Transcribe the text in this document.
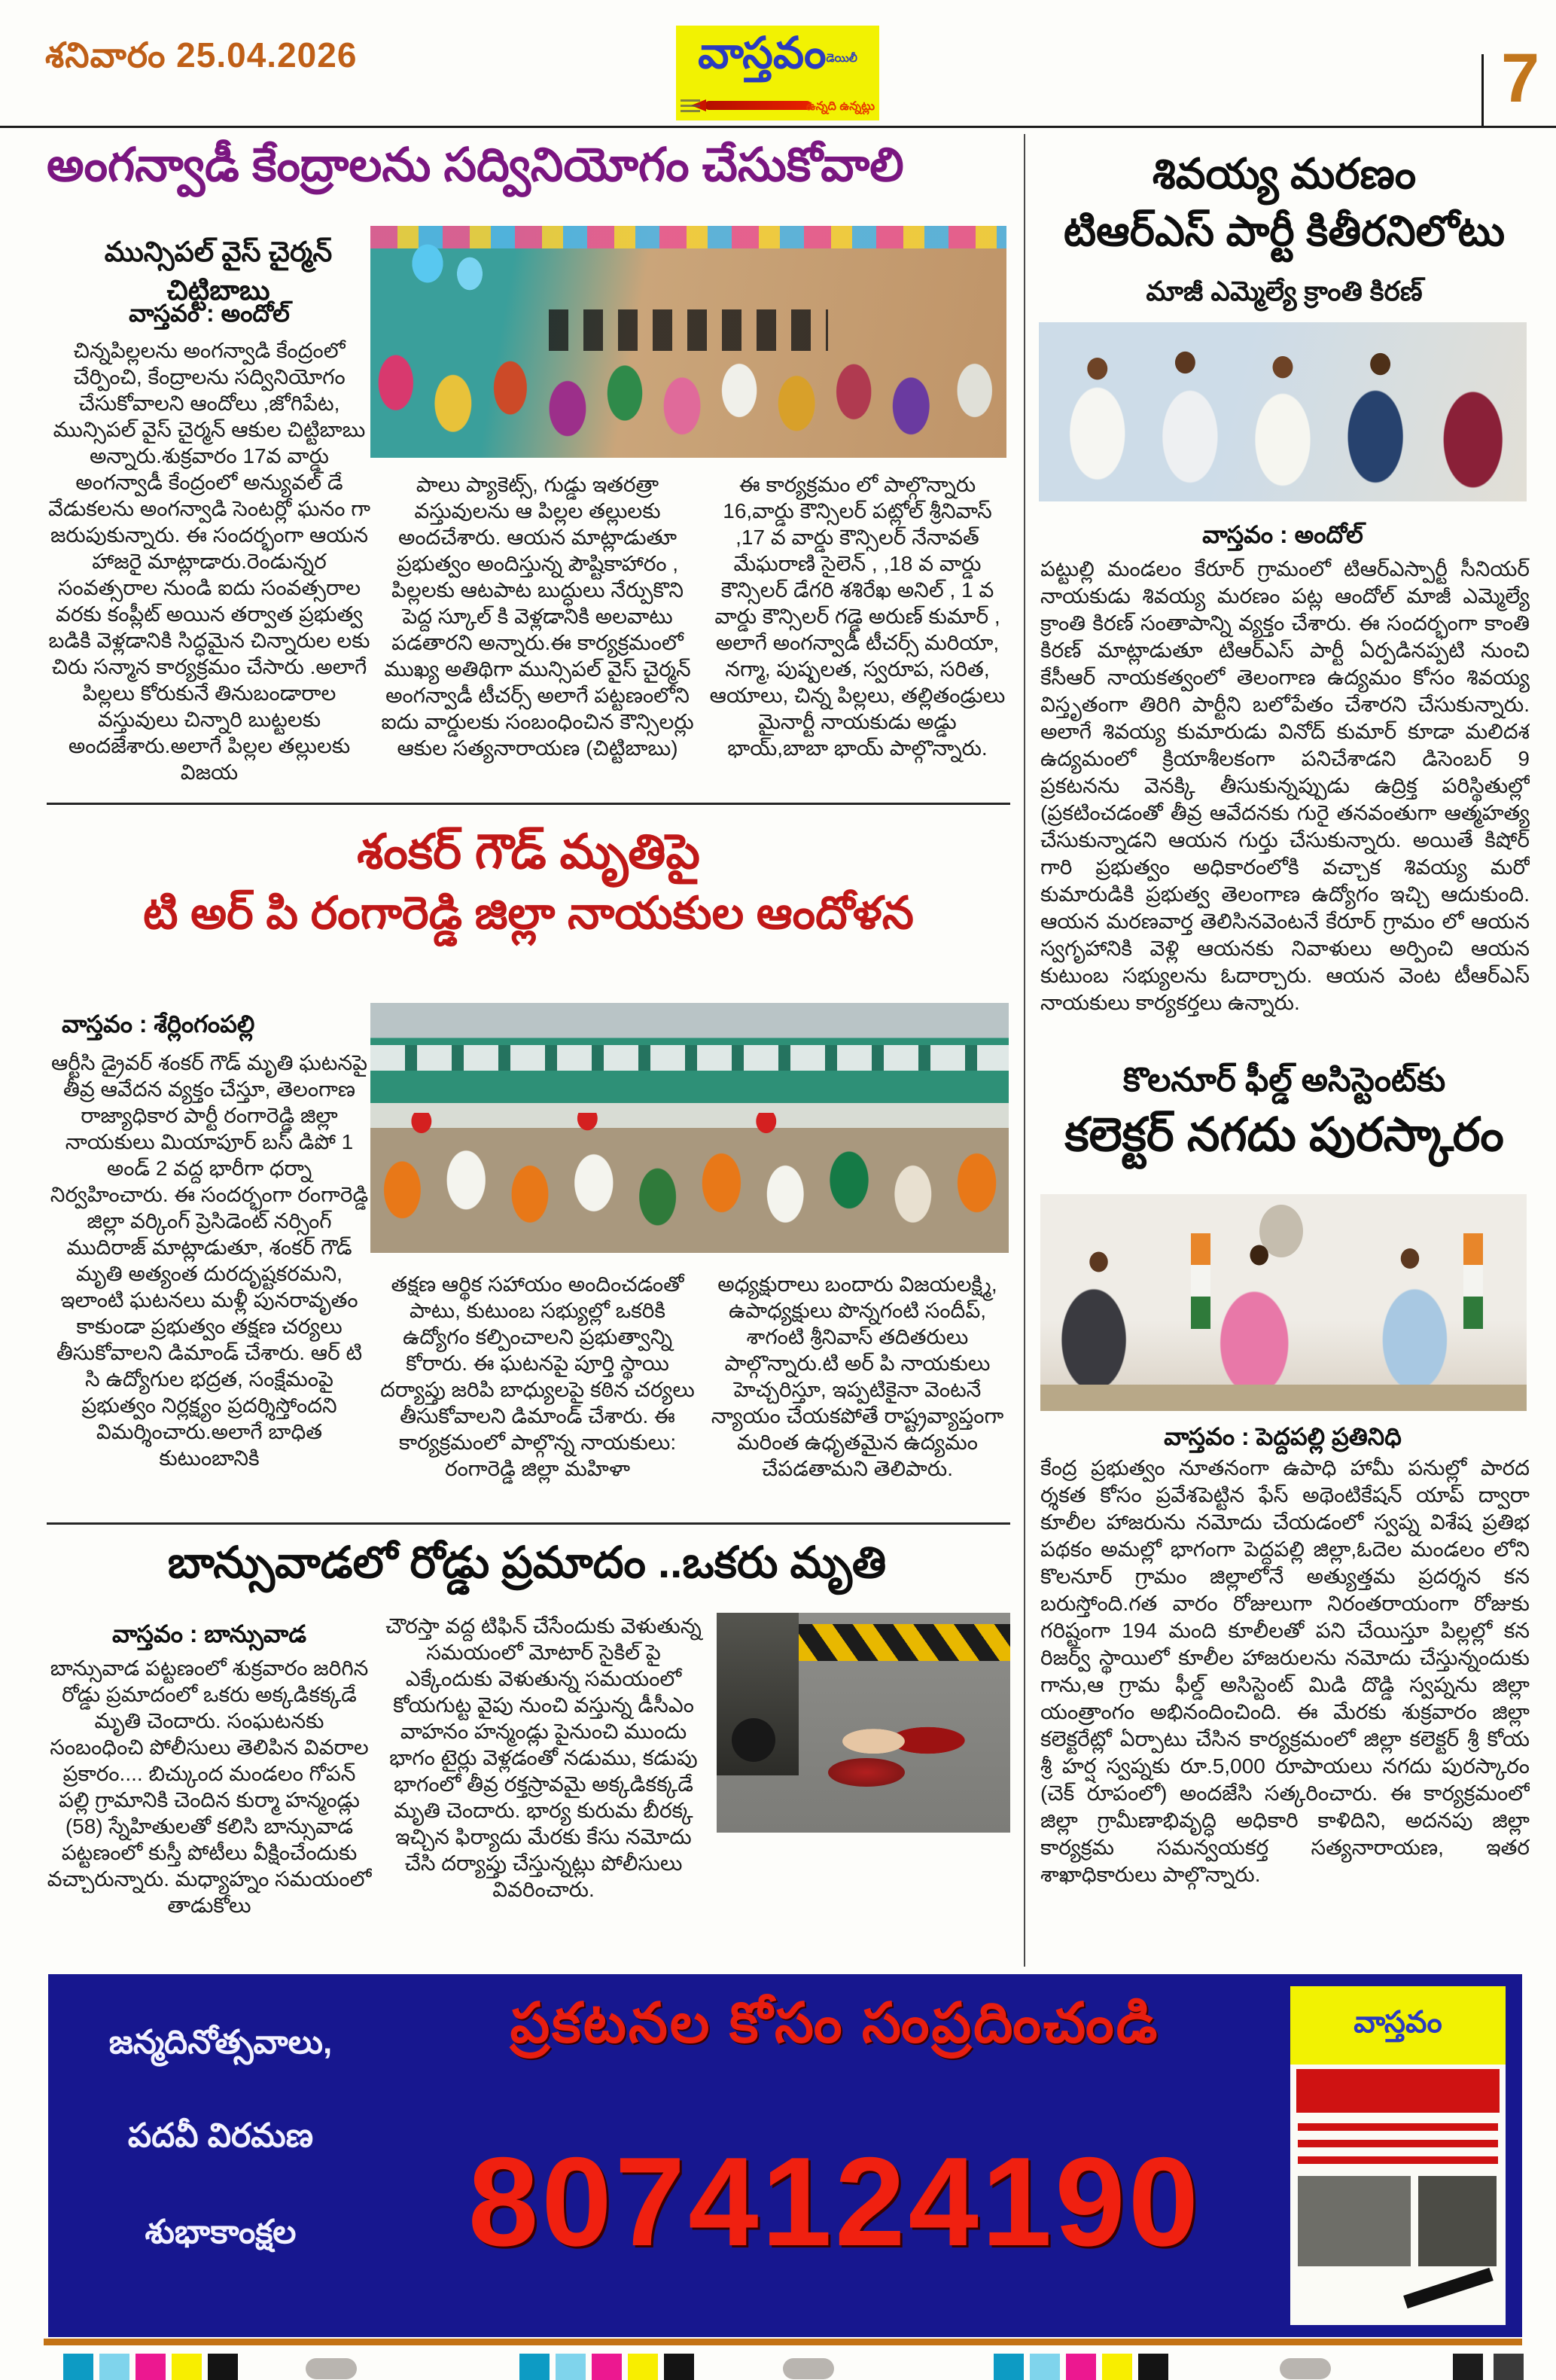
శనివారం 25.04.2026	వాస్తవండెయిలీ
ఉన్నది ఉన్నట్లు	7
అంగన్వాడీ కేంద్రాలను సద్వినియోగం చేసుకోవాలి
మున్సిపల్ వైస్ చైర్మన్ చిట్టిబాబు
వాస్తవం : అందోల్
చిన్నపిల్లలను అంగన్వాడి కేంద్రంలో చేర్పించి, కేంద్రాలను సద్వినియోగం చేసుకోవాలని ఆందోలు ,జోగిపేట, మున్సిపల్ వైస్ చైర్మన్ ఆకుల చిట్టిబాబు అన్నారు.శుక్రవారం 17వ వార్డు అంగన్వాడీ కేంద్రంలో అన్యువల్ డే వేడుకలను అంగన్వాడి సెంటర్లో ఘనం గా జరుపుకున్నారు. ఈ సందర్భంగా ఆయన హాజరై మాట్లాడారు.రెండున్నర సంవత్సరాల నుండి ఐదు సంవత్సరాల వరకు కంప్లీట్ అయిన తర్వాత ప్రభుత్వ బడికి వెళ్లడానికి సిద్ధమైన చిన్నారుల లకు చిరు సన్మాన కార్యక్రమం చేసారు .అలాగే పిల్లలు కోరుకునే తినుబండారాల వస్తువులు చిన్నారి బుట్టలకు అందజేశారు.అలాగే పిల్లల తల్లులకు విజయ
పాలు ప్యాకెట్స్, గుడ్డు ఇతరత్రా వస్తువులను ఆ పిల్లల తల్లులకు అందచేశారు. ఆయన మాట్లాడుతూ ప్రభుత్వం అందిస్తున్న పౌష్టికాహారం , పిల్లలకు ఆటపాట బుద్ధులు నేర్పుకొని పెద్ద స్కూల్ కి వెళ్లడానికి అలవాటు పడతారని అన్నారు.ఈ కార్యక్రమంలో ముఖ్య అతిథిగా మున్సిపల్ వైస్ చైర్మన్ అంగన్వాడీ టీచర్స్ అలాగే పట్టణంలోని ఐదు వార్డులకు సంబంధించిన కౌన్సిలర్లు ఆకుల సత్యనారాయణ (చిట్టిబాబు)
ఈ కార్యక్రమం లో పాల్గొన్నారు 16,వార్డు కౌన్సిలర్ పట్లోల్ శ్రీనివాస్ ,17 వ వార్డు కౌన్సిలర్ నేనావత్ మేఘరాణి సైలెన్ , ,18 వ వార్డు కౌన్సిలర్ డేగరి శశిరేఖ అనిల్ , 1 వ వార్డు కౌన్సిలర్ గడ్డె అరుణ్ కుమార్ , అలాగే అంగన్వాడీ టీచర్స్ మరియా, నగ్మా, పుష్పలత, స్వరూప, సరిత, ఆయాలు, చిన్న పిల్లలు, తల్లితండ్రులు మైనార్టీ నాయకుడు అడ్డు భాయ్,బాబా భాయ్ పాల్గొన్నారు.
శంకర్ గౌడ్ మృతిపై
టి అర్ పి రంగారెడ్డి జిల్లా నాయకుల ఆందోళన
వాస్తవం : శేర్లింగంపల్లి
ఆర్టీసి డ్రైవర్ శంకర్ గౌడ్ మృతి ఘటనపై తీవ్ర ఆవేదన వ్యక్తం చేస్తూ, తెలంగాణ రాజ్యాధికార పార్టీ రంగారెడ్డి జిల్లా నాయకులు మియాపూర్ బస్ డిపో 1 అండ్ 2 వద్ద భారీగా ధర్నా నిర్వహించారు. ఈ సందర్భంగా రంగారెడ్డి జిల్లా వర్కింగ్ ప్రెసిడెంట్ నర్సింగ్ ముదిరాజ్ మాట్లాడుతూ, శంకర్ గౌడ్ మృతి అత్యంత దురదృష్టకరమని, ఇలాంటి ఘటనలు మళ్లీ పునరావృతం కాకుండా ప్రభుత్వం తక్షణ చర్యలు తీసుకోవాలని డిమాండ్ చేశారు. ఆర్ టి సి ఉద్యోగుల భద్రత, సంక్షేమంపై ప్రభుత్వం నిర్లక్ష్యం ప్రదర్శిస్తోందని విమర్శించారు.అలాగే బాధిత కుటుంబానికి
తక్షణ ఆర్థిక సహాయం అందించడంతో పాటు, కుటుంబ సభ్యుల్లో ఒకరికి ఉద్యోగం కల్పించాలని ప్రభుత్వాన్ని కోరారు. ఈ ఘటనపై పూర్తి స్థాయి దర్యాప్తు జరిపి బాధ్యులపై కఠిన చర్యలు తీసుకోవాలని డిమాండ్ చేశారు. ఈ కార్యక్రమంలో పాల్గొన్న నాయకులు: రంగారెడ్డి జిల్లా మహిళా
అధ్యక్షురాలు బందారు విజయలక్ష్మి, ఉపాధ్యక్షులు పొన్నగంటి సందీప్, శాగంటి శ్రీనివాస్ తదితరులు పాల్గొన్నారు.టి అర్ పి నాయకులు హెచ్చరిస్తూ, ఇప్పటికైనా వెంటనే న్యాయం చేయకపోతే రాష్ట్రవ్యాప్తంగా మరింత ఉధృతమైన ఉద్యమం చేపడతామని తెలిపారు.
బాన్సువాడలో రోడ్డు ప్రమాదం ..ఒకరు మృతి
వాస్తవం : బాన్సువాడ
బాన్సువాడ పట్టణంలో శుక్రవారం జరిగిన రోడ్డు ప్రమాదంలో ఒకరు అక్కడికక్కడే మృతి చెందారు. సంఘటనకు సంబంధించి పోలీసులు తెలిపిన వివరాల ప్రకారం.... బిచ్కుంద మండలం గోపన్ పల్లి గ్రామానికి చెందిన కుర్మా హన్మండ్లు (58) స్నేహితులతో కలిసి బాన్సువాడ పట్టణంలో కుస్తీ పోటీలు వీక్షించేందుకు వచ్చారున్నారు. మధ్యాహ్నం సమయంలో తాడుకోలు
చౌరస్తా వద్ద టిఫిన్ చేసేందుకు వెళుతున్న సమయంలో మోటార్ సైకిల్ పై ఎక్కేందుకు వెళుతున్న సమయంలో కోయగుట్ట వైపు నుంచి వస్తున్న డీసీఎం వాహనం హన్మండ్లు పైనుంచి ముందు భాగం టైర్లు వెళ్లడంతో నడుము, కడుపు భాగంలో తీవ్ర రక్తస్రావమై అక్కడికక్కడే మృతి చెందారు. భార్య కురుమ బీరక్క ఇచ్చిన ఫిర్యాదు మేరకు కేసు నమోదు చేసి దర్యాప్తు చేస్తున్నట్లు పోలీసులు వివరించారు.
శివయ్య మరణం
టిఆర్ఎస్ పార్టీ కితీరనిలోటు
మాజీ ఎమ్మెల్యే క్రాంతి కిరణ్
వాస్తవం : అందోల్
పట్టుల్లి మండలం కేరూర్ గ్రామంలో టిఆర్ఎస్పార్టీ సీనియర్ నాయకుడు శివయ్య మరణం పట్ల ఆందోల్ మాజీ ఎమ్మెల్యే క్రాంతి కిరణ్ సంతాపాన్ని వ్యక్తం చేశారు. ఈ సందర్భంగా కాంతి కిరణ్ మాట్లాడుతూ టిఆర్ఎస్ పార్టీ ఏర్పడినప్పటి నుంచి కేసీఆర్ నాయకత్వంలో తెలంగాణ ఉద్యమం కోసం శివయ్య విస్తృతంగా తిరిగి పార్టీని బలోపేతం చేశారని చేసుకున్నారు. అలాగే శివయ్య కుమారుడు వినోద్ కుమార్ కూడా మలిదశ ఉద్యమంలో క్రియాశీలకంగా పనిచేశాడని డిసెంబర్ 9 ప్రకటనను వెనక్కి తీసుకున్నప్పుడు ఉద్రిక్త పరిస్థితుల్లో (ప్రకటించడంతో తీవ్ర ఆవేదనకు గురై తనవంతుగా ఆత్మహత్య చేసుకున్నాడని ఆయన గుర్తు చేసుకున్నారు. అయితే కిషోర్ గారి ప్రభుత్వం అధికారంలోకి వచ్చాక శివయ్య మరో కుమారుడికి ప్రభుత్వ తెలంగాణ ఉద్యోగం ఇచ్చి ఆదుకుంది. ఆయన మరణవార్త తెలిసినవెంటనే కేరూర్ గ్రామం లో ఆయన స్వగృహానికి వెళ్లి ఆయనకు నివాళులు అర్పించి ఆయన కుటుంబ సభ్యులను ఓదార్చారు. ఆయన వెంట టీఆర్ఎస్ నాయకులు కార్యకర్తలు ఉన్నారు.
కొలనూర్ ఫీల్డ్ అసిస్టెంట్‌కు
కలెక్టర్ నగదు పురస్కారం
వాస్తవం : పెద్దపల్లి ప్రతినిధి
కేంద్ర ప్రభుత్వం నూతనంగా ఉపాధి హామీ పనుల్లో పారద ర్శకత కోసం ప్రవేశపెట్టిన ఫేస్ అథెంటికేషన్ యాప్ ద్వారా కూలీల హాజరును నమోదు చేయడంలో స్వప్న విశేష ప్రతిభ పథకం అమల్లో భాగంగా పెద్దపల్లి జిల్లా,ఓదెల మండలం లోని కొలనూర్ గ్రామం జిల్లాలోనే అత్యుత్తమ ప్రదర్శన కన బరుస్తోంది.గత వారం రోజులుగా నిరంతరాయంగా రోజుకు గరిష్టంగా 194 మంది కూలీలతో పని చేయిస్తూ పిల్లల్లో కన రిజర్వ్ స్థాయిలో కూలీల హాజరులను నమోదు చేస్తున్నందుకు గాను,ఆ గ్రామ ఫీల్డ్ అసిస్టెంట్ మిడి దొడ్డి స్వప్నను జిల్లా యంత్రాంగం అభినందించింది. ఈ మేరకు శుక్రవారం జిల్లా కలెక్టరేట్లో ఏర్పాటు చేసిన కార్యక్రమంలో జిల్లా కలెక్టర్ శ్రీ కోయ శ్రీ హర్ష స్వప్నకు రూ.5,000 రూపాయలు నగదు పురస్కారం (చెక్ రూపంలో) అందజేసి సత్కరించారు. ఈ కార్యక్రమంలో జిల్లా గ్రామీణాభివృద్ధి అధికారి కాళిదిని, అదనపు జిల్లా కార్యక్రమ సమన్వయకర్త సత్యనారాయణ, ఇతర శాఖాధికారులు పాల్గొన్నారు.
జన్మదినోత్సవాలు,
పదవీ విరమణ
శుభాకాంక్షల
ప్రకటనల కోసం సంప్రదించండి
8074124190
వాస్తవం
